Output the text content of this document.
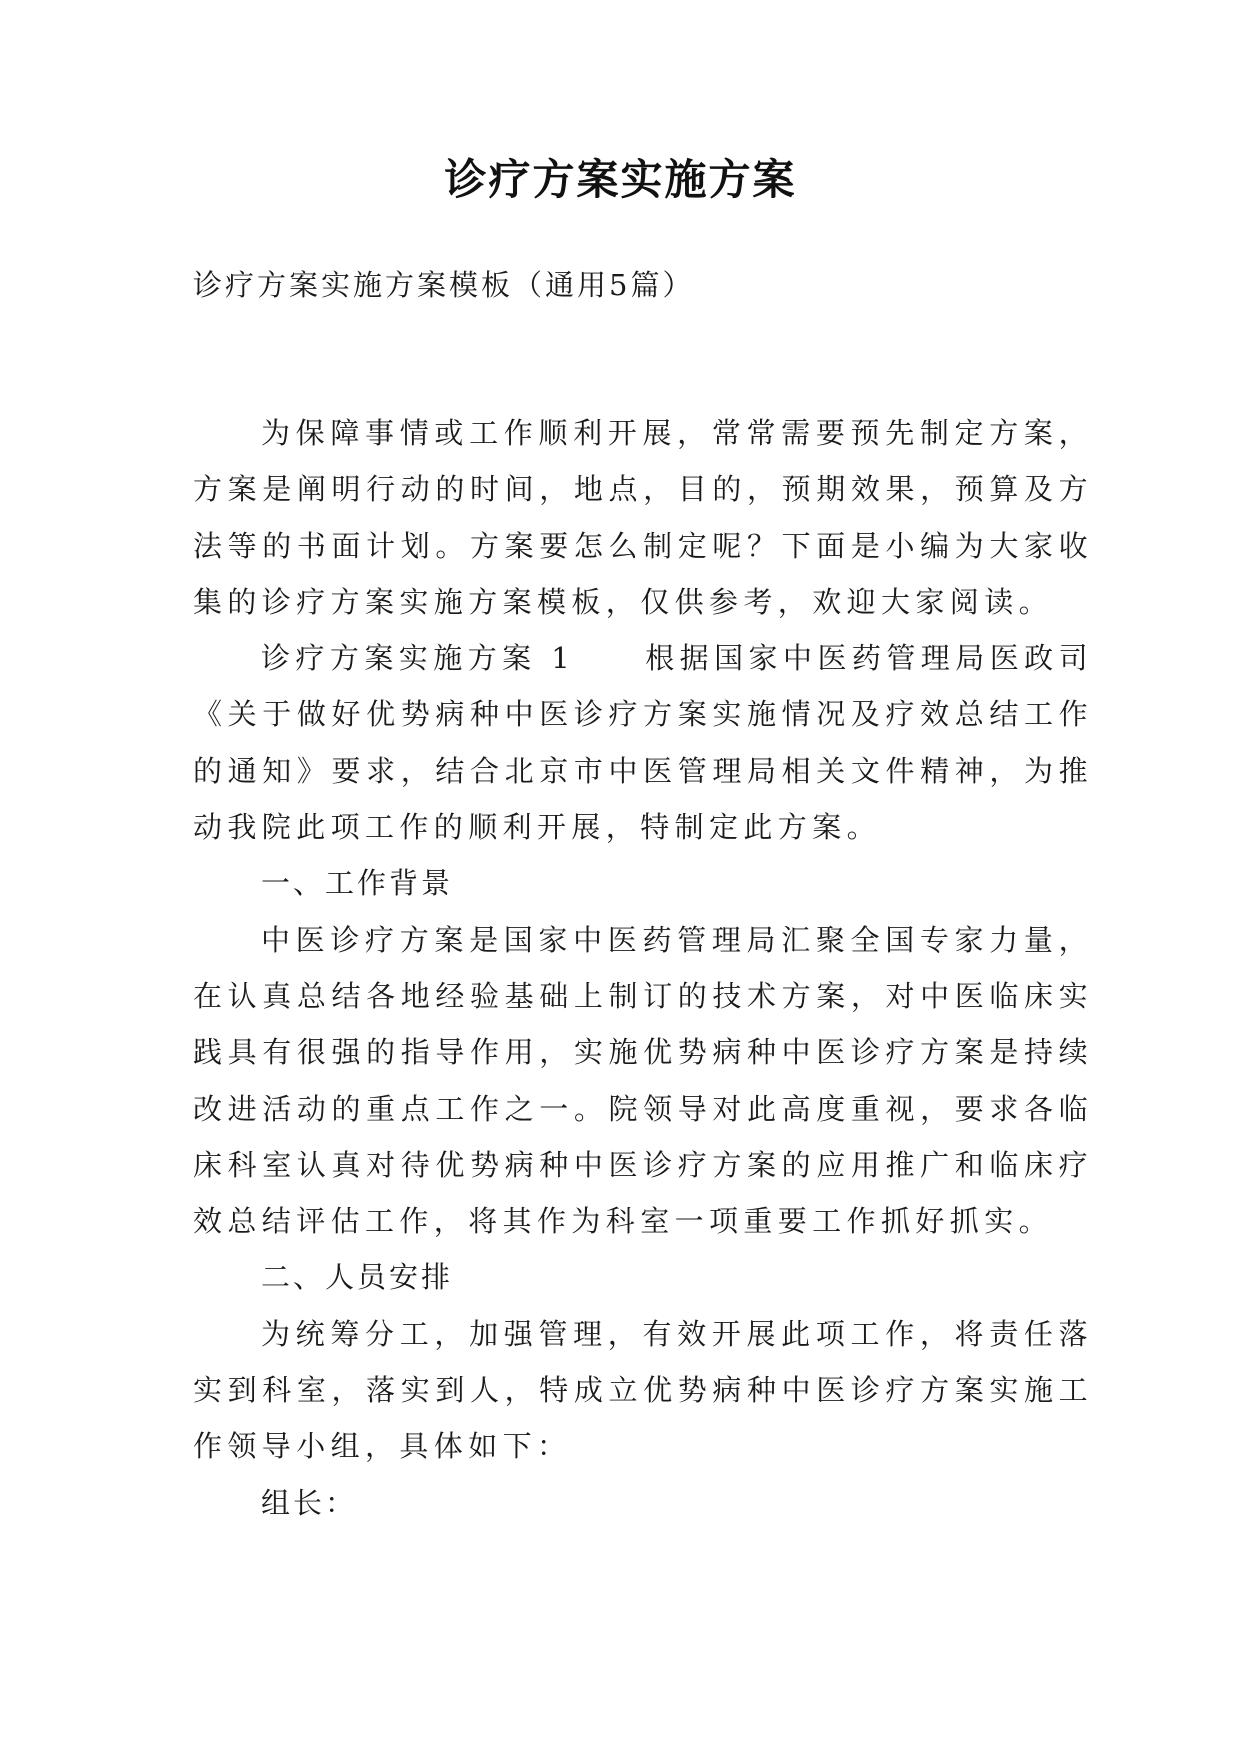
诊疗方案实施方案
诊疗方案实施方案模板（通用5篇）

为保障事情或工作顺利开展，常常需要预先制定方案，方案是阐明行动的时间，地点，目的，预期效果，预算及方法等的书面计划。方案要怎么制定呢？下面是小编为大家收集的诊疗方案实施方案模板，仅供参考，欢迎大家阅读。

诊疗方案实施方案 1 根据国家中医药管理局医政司《关于做好优势病种中医诊疗方案实施情况及疗效总结工作的通知》要求，结合北京市中医管理局相关文件精神，为推动我院此项工作的顺利开展，特制定此方案。

一、工作背景

中医诊疗方案是国家中医药管理局汇聚全国专家力量，在认真总结各地经验基础上制订的技术方案，对中医临床实践具有很强的指导作用，实施优势病种中医诊疗方案是持续改进活动的重点工作之一。院领导对此高度重视，要求各临床科室认真对待优势病种中医诊疗方案的应用推广和临床疗效总结评估工作，将其作为科室一项重要工作抓好抓实。

二、人员安排

为统筹分工，加强管理，有效开展此项工作，将责任落实到科室，落实到人，特成立优势病种中医诊疗方案实施工作领导小组，具体如下：

组长：
